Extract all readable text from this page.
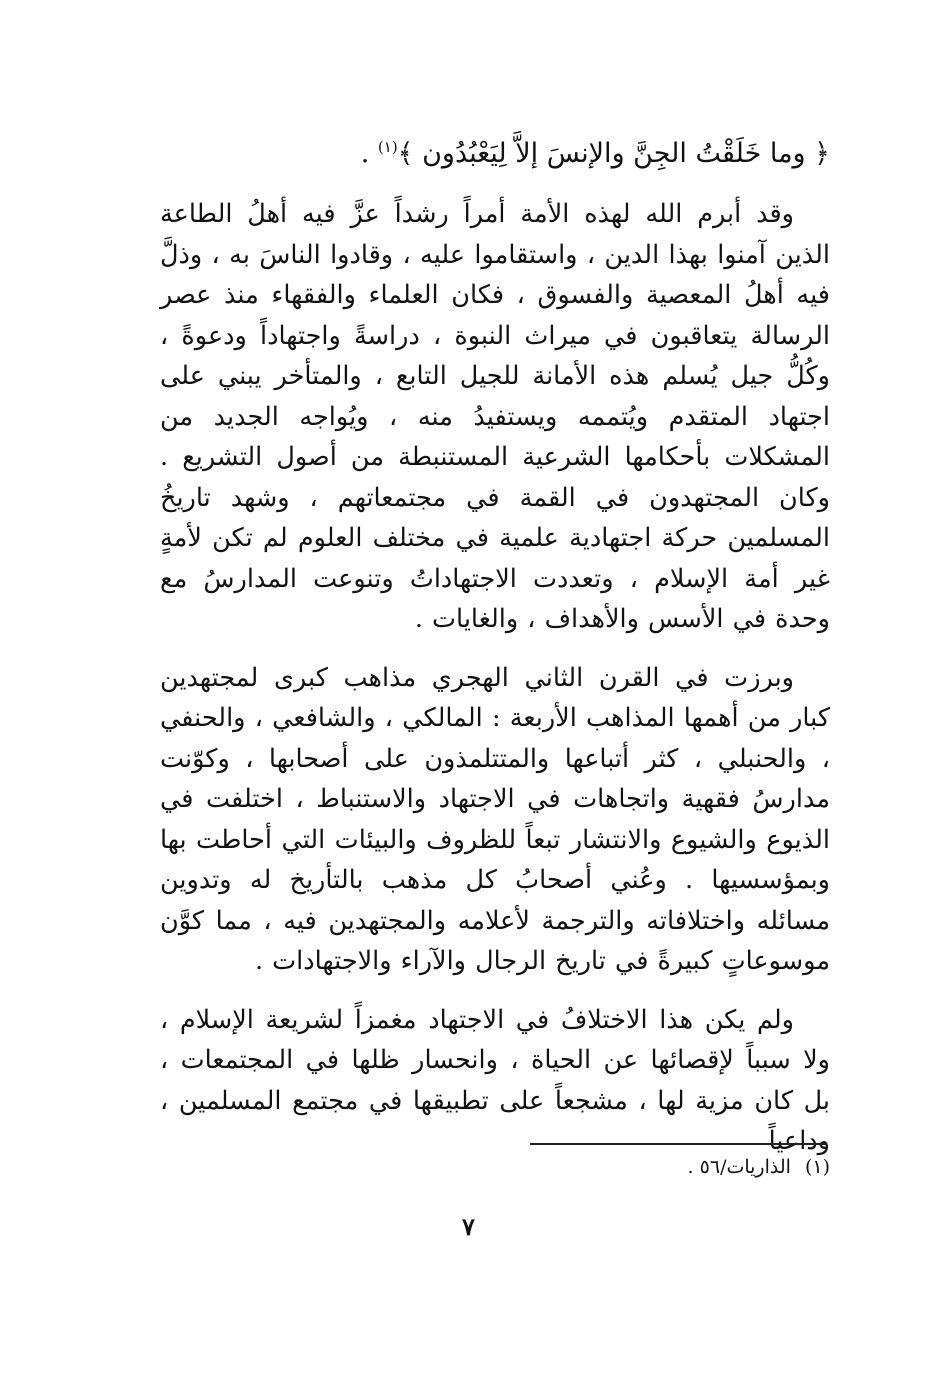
﴿ وما خَلَقْتُ الجِنَّ والإنسَ إلاَّ لِيَعْبُدُون ﴾$^{(١)}$ .

وقد أبرم الله لهذه الأمة أمراً رشداً عزَّ فيه أهلُ الطاعة الذين آمنوا بهذا الدين ، واستقاموا عليه ، وقادوا الناسَ به ، وذلَّ فيه أهلُ المعصية والفسوق ، فكان العلماء والفقهاء منذ عصر الرسالة يتعاقبون في ميراث النبوة ، دراسةً واجتهاداً ودعوةً ، وكُلُّ جيل يُسلم هذه الأمانة للجيل التابع ، والمتأخر يبني على اجتهاد المتقدم ويُتممه ويستفيدُ منه ، ويُواجه الجديد من المشكلات بأحكامها الشرعية المستنبطة من أصول التشريع . وكان المجتهدون في القمة في مجتمعاتهم ، وشهد تاريخُ المسلمين حركة اجتهادية علمية في مختلف العلوم لم تكن لأمةٍ غير أمة الإسلام ، وتعددت الاجتهاداتُ وتنوعت المدارسُ مع وحدة في الأسس والأهداف ، والغايات .

وبرزت في القرن الثاني الهجري مذاهب كبرى لمجتهدين كبار من أهمها المذاهب الأربعة : المالكي ، والشافعي ، والحنفي ، والحنبلي ، كثر أتباعها والمتتلمذون على أصحابها ، وكوّنت مدارسُ فقهية واتجاهات في الاجتهاد والاستنباط ، اختلفت في الذيوع والشيوع والانتشار تبعاً للظروف والبيئات التي أحاطت بها وبمؤسسيها . وعُني أصحابُ كل مذهب بالتأريخ له وتدوين مسائله واختلافاته والترجمة لأعلامه والمجتهدين فيه ، مما كوَّن موسوعاتٍ كبيرةً في تاريخ الرجال والآراء والاجتهادات .

ولم يكن هذا الاختلافُ في الاجتهاد مغمزاً لشريعة الإسلام ، ولا سبباً لإقصائها عن الحياة ، وانحسار ظلها في المجتمعات ، بل كان مزية لها ، مشجعاً على تطبيقها في مجتمع المسلمين ، وداعياً

(١)الذاريات/٥٦ .
٧
